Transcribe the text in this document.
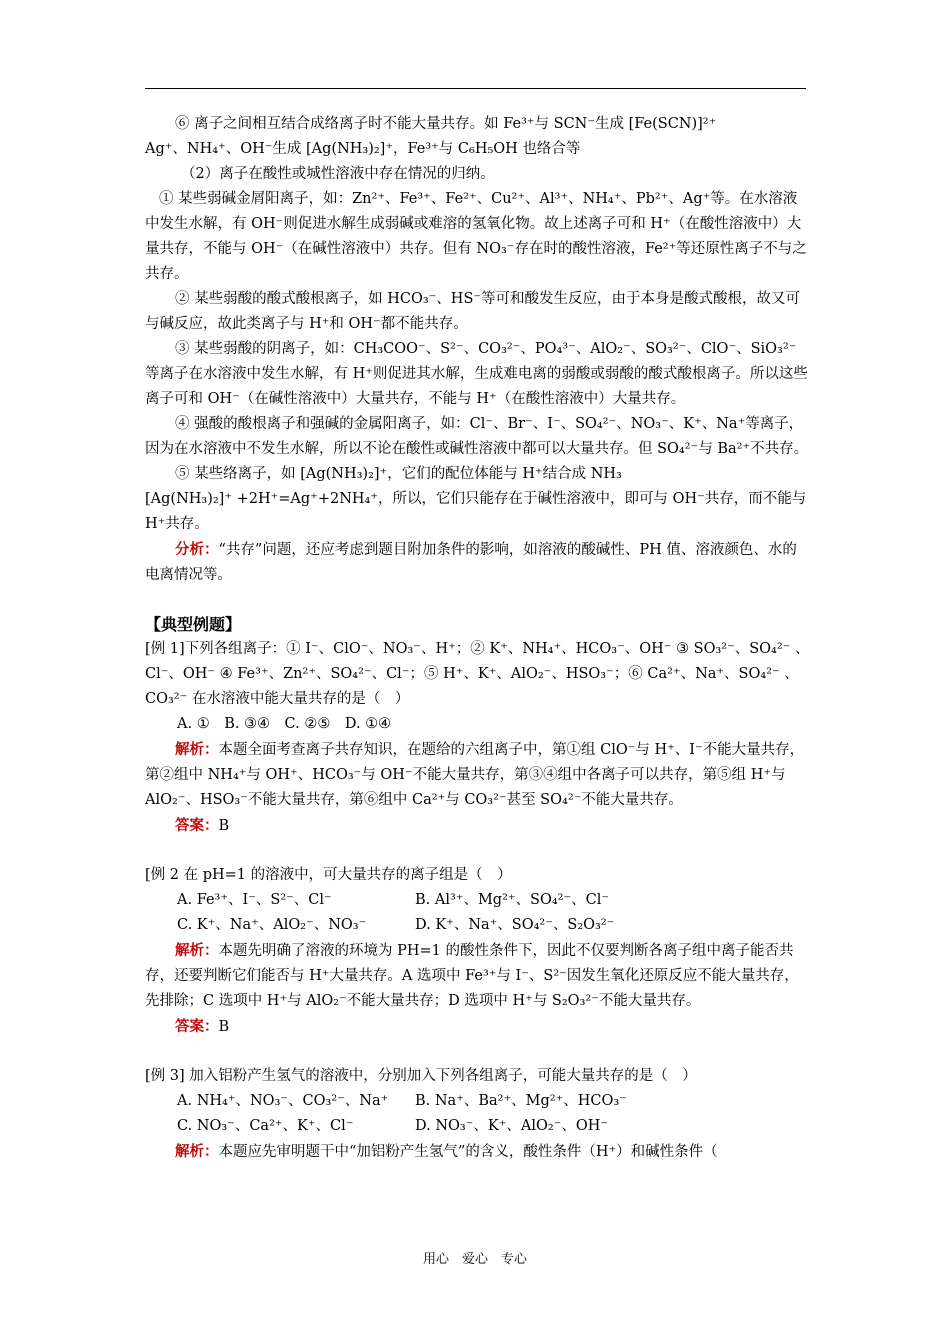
⑥ 离子之间相互结合成络离子时不能大量共存。如 Fe³⁺与 SCN⁻生成 [Fe(SCN)]²⁺

Ag⁺、NH₄⁺、OH⁻生成 [Ag(NH₃)₂]⁺，Fe³⁺与 C₆H₅OH 也络合等

（2）离子在酸性或城性溶液中存在情况的归纳。

① 某些弱碱金屑阳离子，如：Zn²⁺、Fe³⁺、Fe²⁺、Cu²⁺、Al³⁺、NH₄⁺、Pb²⁺、Ag⁺等。在水溶液中发生水解，有 OH⁻则促进水解生成弱碱或难溶的氢氧化物。故上述离子可和 H⁺（在酸性溶液中）大量共存，不能与 OH⁻（在碱性溶液中）共存。但有 NO₃⁻存在时的酸性溶液，Fe²⁺等还原性离子不与之共存。

② 某些弱酸的酸式酸根离子，如 HCO₃⁻、HS⁻等可和酸发生反应，由于本身是酸式酸根，故又可与碱反应，故此类离子与 H⁺和 OH⁻都不能共存。

③ 某些弱酸的阴离子，如：CH₃COO⁻、S²⁻、CO₃²⁻、PO₄³⁻、AlO₂⁻、SO₃²⁻、ClO⁻、SiO₃²⁻等离子在水溶液中发生水解，有 H⁺则促进其水解，生成难电离的弱酸或弱酸的酸式酸根离子。所以这些离子可和 OH⁻（在碱性溶液中）大量共存，不能与 H⁺（在酸性溶液中）大量共存。

④ 强酸的酸根离子和强碱的金属阳离子，如：Cl⁻、Br⁻、I⁻、SO₄²⁻、NO₃⁻、K⁺、Na⁺等离子，因为在水溶液中不发生水解，所以不论在酸性或碱性溶液中都可以大量共存。但 SO₄²⁻与 Ba²⁺不共存。

⑤ 某些络离子，如 [Ag(NH₃)₂]⁺，它们的配位体能与 H⁺结合成 NH₃

[Ag(NH₃)₂]⁺ +2H⁺=Ag⁺+2NH₄⁺，所以，它们只能存在于碱性溶液中，即可与 OH⁻共存，而不能与 H⁺共存。

分析：“共存”问题，还应考虑到题目附加条件的影响，如溶液的酸碱性、PH 值、溶液颜色、水的电离情况等。

【典型例题】

[例 1]下列各组离子：① I⁻、ClO⁻、NO₃⁻、H⁺；② K⁺、NH₄⁺、HCO₃⁻、OH⁻ ③ SO₃²⁻、SO₄²⁻ 、Cl⁻、OH⁻ ④ Fe³⁺、Zn²⁺、SO₄²⁻、Cl⁻；⑤ H⁺、K⁺、AlO₂⁻、HSO₃⁻；⑥ Ca²⁺、Na⁺、SO₄²⁻ 、CO₃²⁻ 在水溶液中能大量共存的是（　）

A. ①　B. ③④　C. ②⑤　D. ①④

解析：本题全面考查离子共存知识，在题给的六组离子中，第①组 ClO⁻与 H⁺、I⁻不能大量共存，第②组中 NH₄⁺与 OH⁺、HCO₃⁻与 OH⁻不能大量共存，第③④组中各离子可以共存，第⑤组 H⁺与 AlO₂⁻、HSO₃⁻不能大量共存，第⑥组中 Ca²⁺与 CO₃²⁻甚至 SO₄²⁻不能大量共存。

答案：B

[例 2 在 pH=1 的溶液中，可大量共存的离子组是（　）

A. Fe³⁺、I⁻、S²⁻、Cl⁻	B. Al³⁺、Mg²⁺、SO₄²⁻、Cl⁻
C. K⁺、Na⁺、AlO₂⁻、NO₃⁻	D. K⁺、Na⁺、SO₄²⁻、S₂O₃²⁻

解析：本题先明确了溶液的环境为 PH=1 的酸性条件下，因此不仅要判断各离子组中离子能否共存，还要判断它们能否与 H⁺大量共存。A 选项中 Fe³⁺与 I⁻、S²⁻因发生氧化还原反应不能大量共存，先排除；C 选项中 H⁺与 AlO₂⁻不能大量共存；D 选项中 H⁺与 S₂O₃²⁻不能大量共存。

答案：B

[例 3] 加入铝粉产生氢气的溶液中，分别加入下列各组离子，可能大量共存的是（　）

A. NH₄⁺、NO₃⁻、CO₃²⁻、Na⁺	B. Na⁺、Ba²⁺、Mg²⁺、HCO₃⁻
C. NO₃⁻、Ca²⁺、K⁺、Cl⁻	D. NO₃⁻、K⁺、AlO₂⁻、OH⁻

解析：本题应先审明题干中“加铝粉产生氢气”的含义，酸性条件（H⁺）和碱性条件（

用心　爱心　专心
